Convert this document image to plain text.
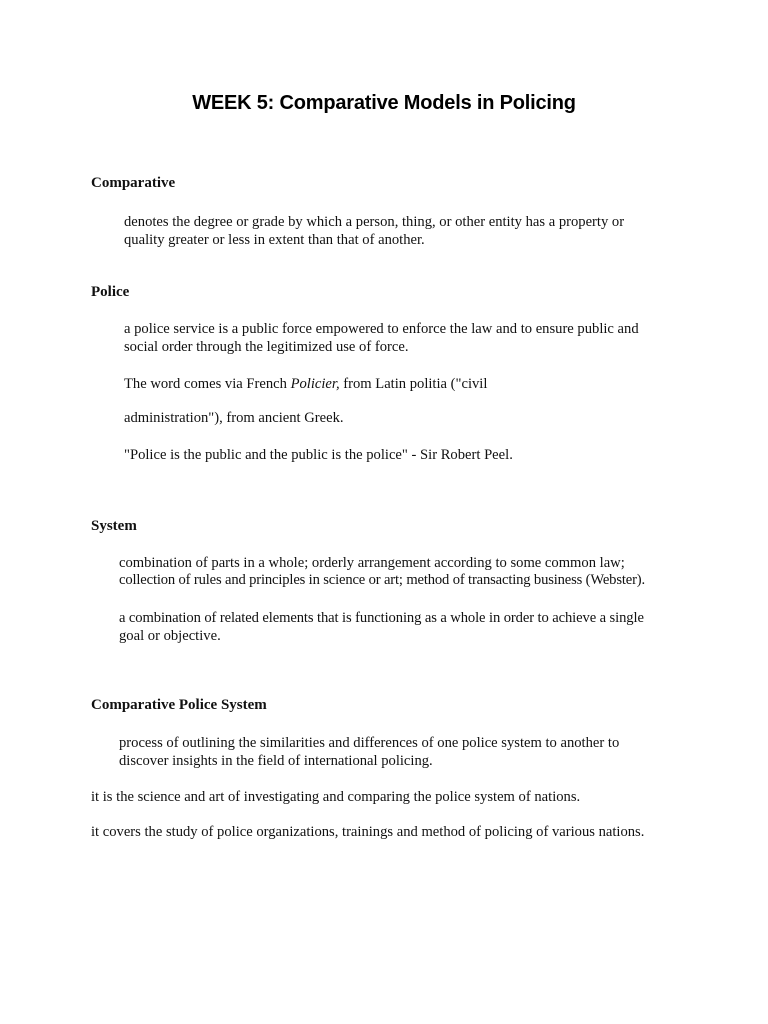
WEEK 5: Comparative Models in Policing

Comparative

denotes the degree or grade by which a person, thing, or other entity has a property or

quality greater or less in extent than that of another.

Police

a police service is a public force empowered to enforce the law and to ensure public and

social order through the legitimized use of force.

The word comes via French Policier, from Latin politia ("civil

administration"), from ancient Greek.

"Police is the public and the public is the police" - Sir Robert Peel.

System

combination of parts in a whole; orderly arrangement according to some common law;

collection of rules and principles in science or art; method of transacting business (Webster).

a combination of related elements that is functioning as a whole in order to achieve a single

goal or objective.

Comparative Police System

process of outlining the similarities and differences of one police system to another to

discover insights in the field of international policing.

it is the science and art of investigating and comparing the police system of nations.

it covers the study of police organizations, trainings and method of policing of various nations.
